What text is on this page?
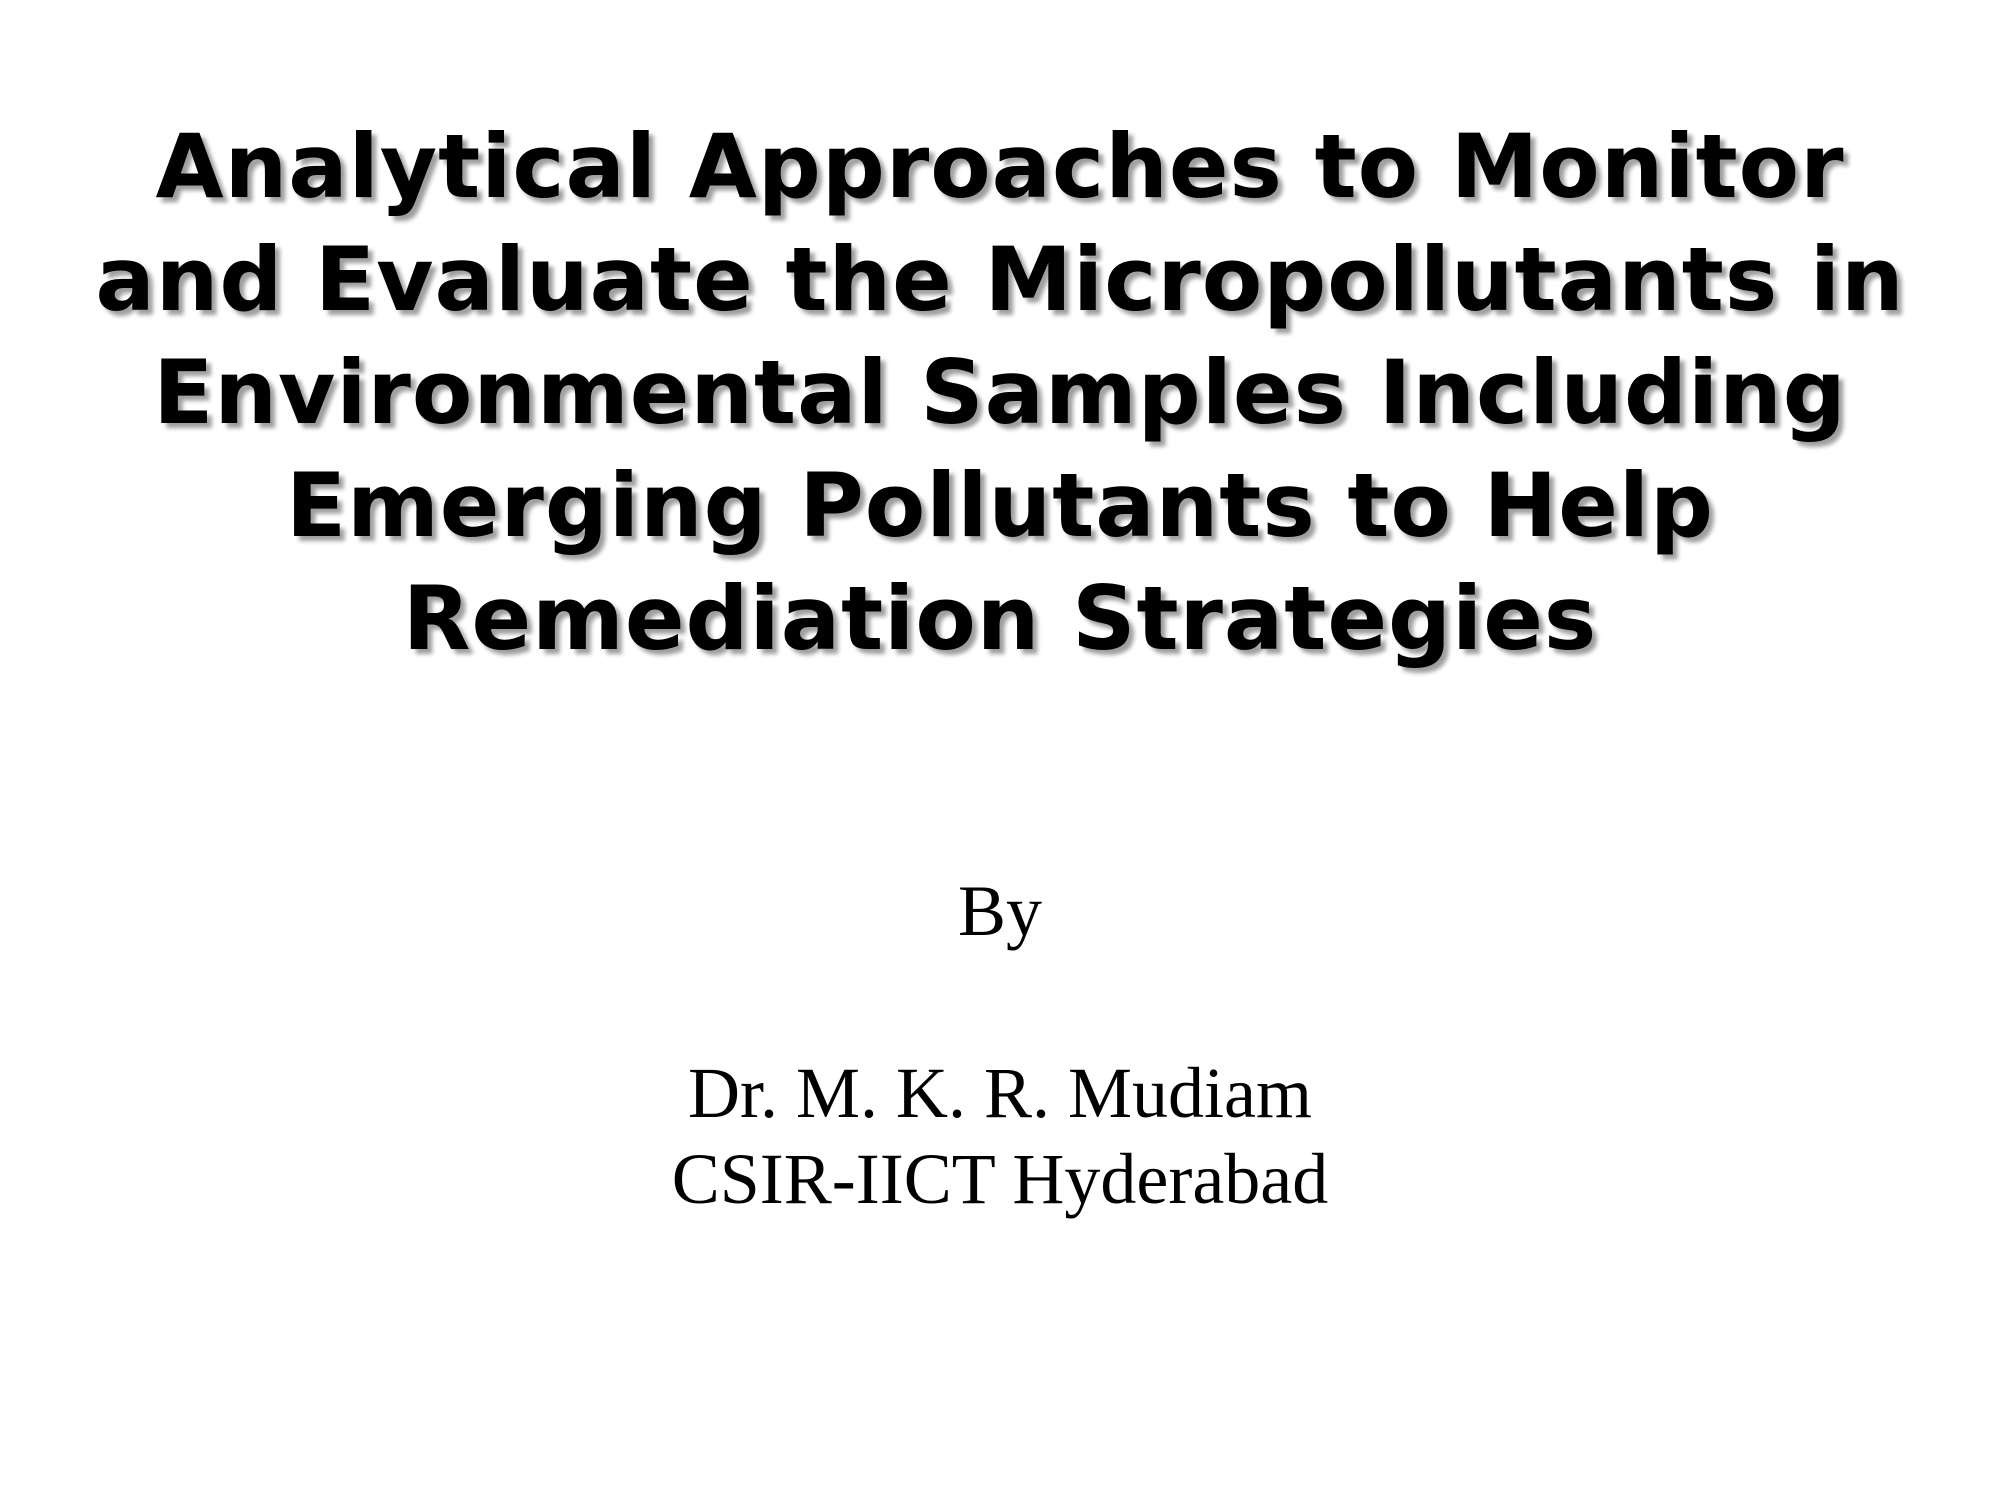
Analytical Approaches to Monitor
and Evaluate the Micropollutants in
Environmental Samples Including
Emerging Pollutants to Help
Remediation Strategies
By
Dr. M. K. R. Mudiam
CSIR-IICT Hyderabad
